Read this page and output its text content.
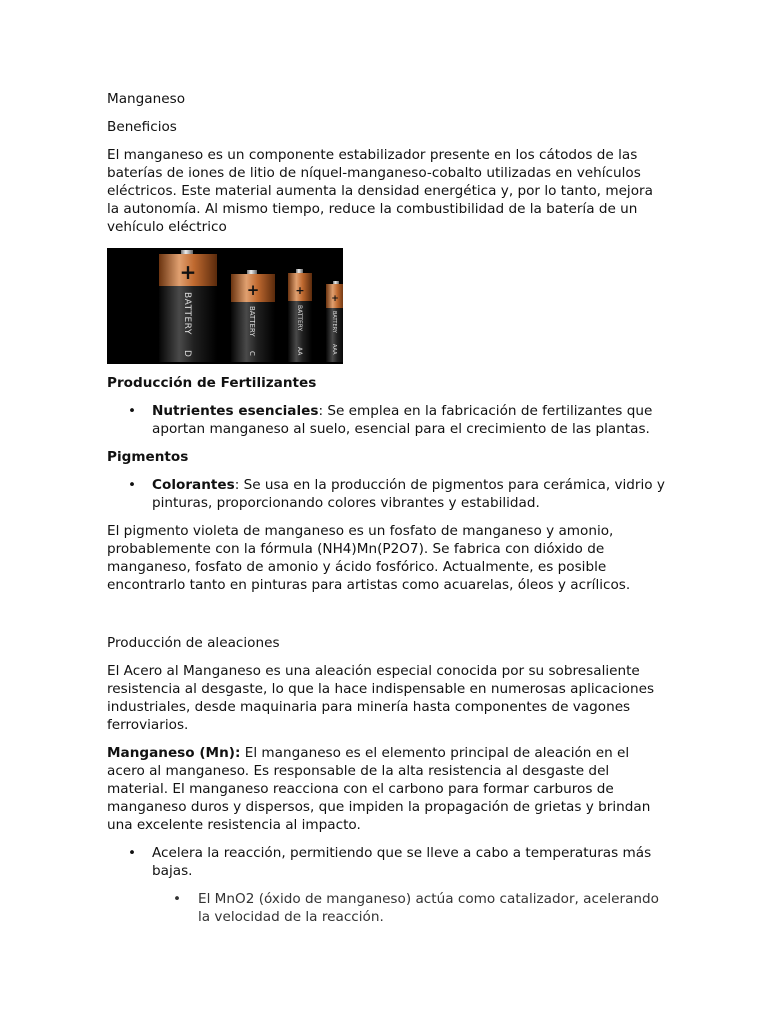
Manganeso

Beneficios

El manganeso es un componente estabilizador presente en los cátodos de las baterías de iones de litio de níquel-manganeso-cobalto utilizadas en vehículos eléctricos. Este material aumenta la densidad energética y, por lo tanto, mejora la autonomía. Al mismo tiempo, reduce la combustibilidad de la batería de un vehículo eléctrico

+
BATTERY
D
+
BATTERY
C
+
BATTERY
AA
+
BATTERY
AAA

Producción de Fertilizantes

• Nutrientes esenciales: Se emplea en la fabricación de fertilizantes que aportan manganeso al suelo, esencial para el crecimiento de las plantas.

Pigmentos

• Colorantes: Se usa en la producción de pigmentos para cerámica, vidrio y pinturas, proporcionando colores vibrantes y estabilidad.

El pigmento violeta de manganeso es un fosfato de manganeso y amonio, probablemente con la fórmula (NH4)Mn(P2O7). Se fabrica con dióxido de manganeso, fosfato de amonio y ácido fosfórico. Actualmente, es posible encontrarlo tanto en pinturas para artistas como acuarelas, óleos y acrílicos.

Producción de aleaciones

El Acero al Manganeso es una aleación especial conocida por su sobresaliente resistencia al desgaste, lo que la hace indispensable en numerosas aplicaciones industriales, desde maquinaria para minería hasta componentes de vagones ferroviarios.

Manganeso (Mn): El manganeso es el elemento principal de aleación en el acero al manganeso. Es responsable de la alta resistencia al desgaste del material. El manganeso reacciona con el carbono para formar carburos de manganeso duros y dispersos, que impiden la propagación de grietas y brindan una excelente resistencia al impacto.

• Acelera la reacción, permitiendo que se lleve a cabo a temperaturas más bajas.

• El MnO2 (óxido de manganeso) actúa como catalizador, acelerando la velocidad de la reacción.
